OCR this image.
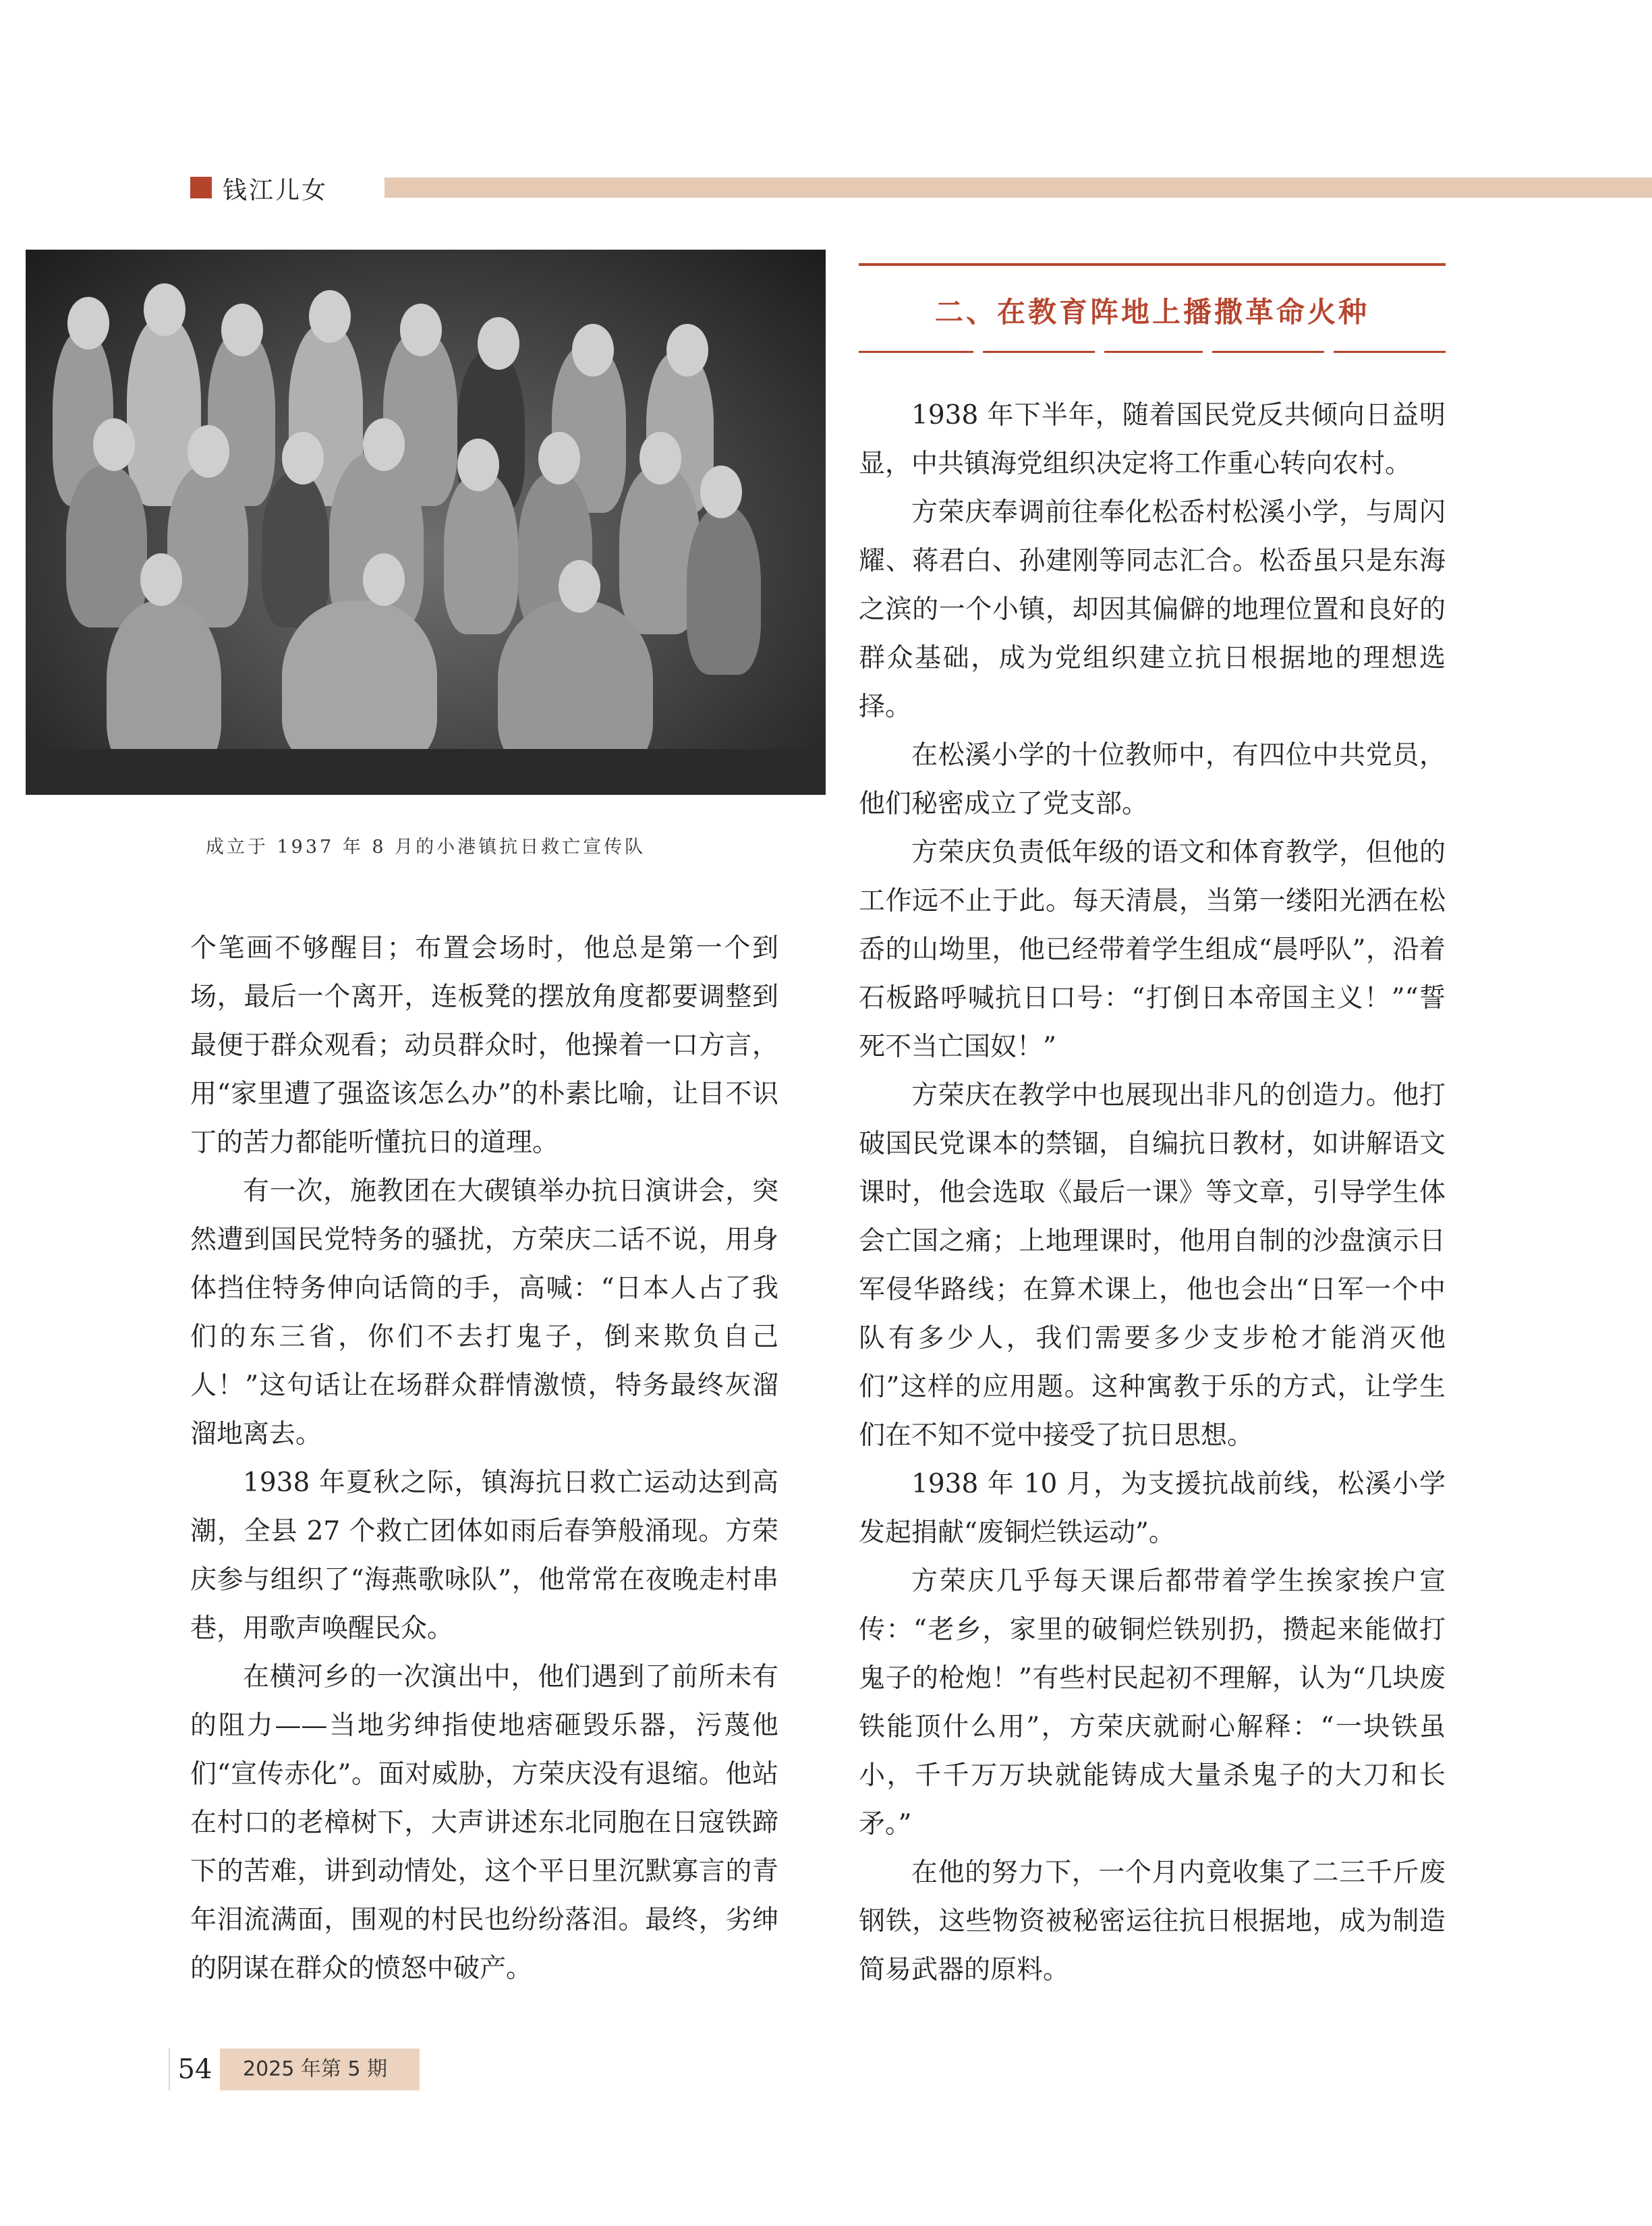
钱江儿女
成立于 1937 年 8 月的小港镇抗日救亡宣传队
二、在教育阵地上播撒革命火种

个笔画不够醒目；布置会场时，他总是第一个到场，最后一个离开，连板凳的摆放角度都要调整到最便于群众观看；动员群众时，他操着一口方言，用“家里遭了强盗该怎么办”的朴素比喻，让目不识丁的苦力都能听懂抗日的道理。

有一次，施教团在大碶镇举办抗日演讲会，突然遭到国民党特务的骚扰，方荣庆二话不说，用身体挡住特务伸向话筒的手，高喊：“日本人占了我们的东三省，你们不去打鬼子，倒来欺负自己人！”这句话让在场群众群情激愤，特务最终灰溜溜地离去。

1938 年夏秋之际，镇海抗日救亡运动达到高潮，全县 27 个救亡团体如雨后春笋般涌现。方荣庆参与组织了“海燕歌咏队”，他常常在夜晚走村串巷，用歌声唤醒民众。

在横河乡的一次演出中，他们遇到了前所未有的阻力——当地劣绅指使地痞砸毁乐器，污蔑他们“宣传赤化”。面对威胁，方荣庆没有退缩。他站在村口的老樟树下，大声讲述东北同胞在日寇铁蹄下的苦难，讲到动情处，这个平日里沉默寡言的青年泪流满面，围观的村民也纷纷落泪。最终，劣绅的阴谋在群众的愤怒中破产。

1938 年下半年，随着国民党反共倾向日益明显，中共镇海党组织决定将工作重心转向农村。

方荣庆奉调前往奉化松岙村松溪小学，与周闪耀、蒋君白、孙建刚等同志汇合。松岙虽只是东海之滨的一个小镇，却因其偏僻的地理位置和良好的群众基础，成为党组织建立抗日根据地的理想选择。

在松溪小学的十位教师中，有四位中共党员，他们秘密成立了党支部。

方荣庆负责低年级的语文和体育教学，但他的工作远不止于此。每天清晨，当第一缕阳光洒在松岙的山坳里，他已经带着学生组成“晨呼队”，沿着石板路呼喊抗日口号：“打倒日本帝国主义！”“誓死不当亡国奴！”

方荣庆在教学中也展现出非凡的创造力。他打破国民党课本的禁锢，自编抗日教材，如讲解语文课时，他会选取《最后一课》等文章，引导学生体会亡国之痛；上地理课时，他用自制的沙盘演示日军侵华路线；在算术课上，他也会出“日军一个中队有多少人，我们需要多少支步枪才能消灭他们”这样的应用题。这种寓教于乐的方式，让学生们在不知不觉中接受了抗日思想。

1938 年 10 月，为支援抗战前线，松溪小学发起捐献“废铜烂铁运动”。

方荣庆几乎每天课后都带着学生挨家挨户宣传：“老乡，家里的破铜烂铁别扔，攒起来能做打鬼子的枪炮！”有些村民起初不理解，认为“几块废铁能顶什么用”，方荣庆就耐心解释：“一块铁虽小，千千万万块就能铸成大量杀鬼子的大刀和长矛。”

在他的努力下，一个月内竟收集了二三千斤废钢铁，这些物资被秘密运往抗日根据地，成为制造简易武器的原料。

54	2025 年第 5 期
